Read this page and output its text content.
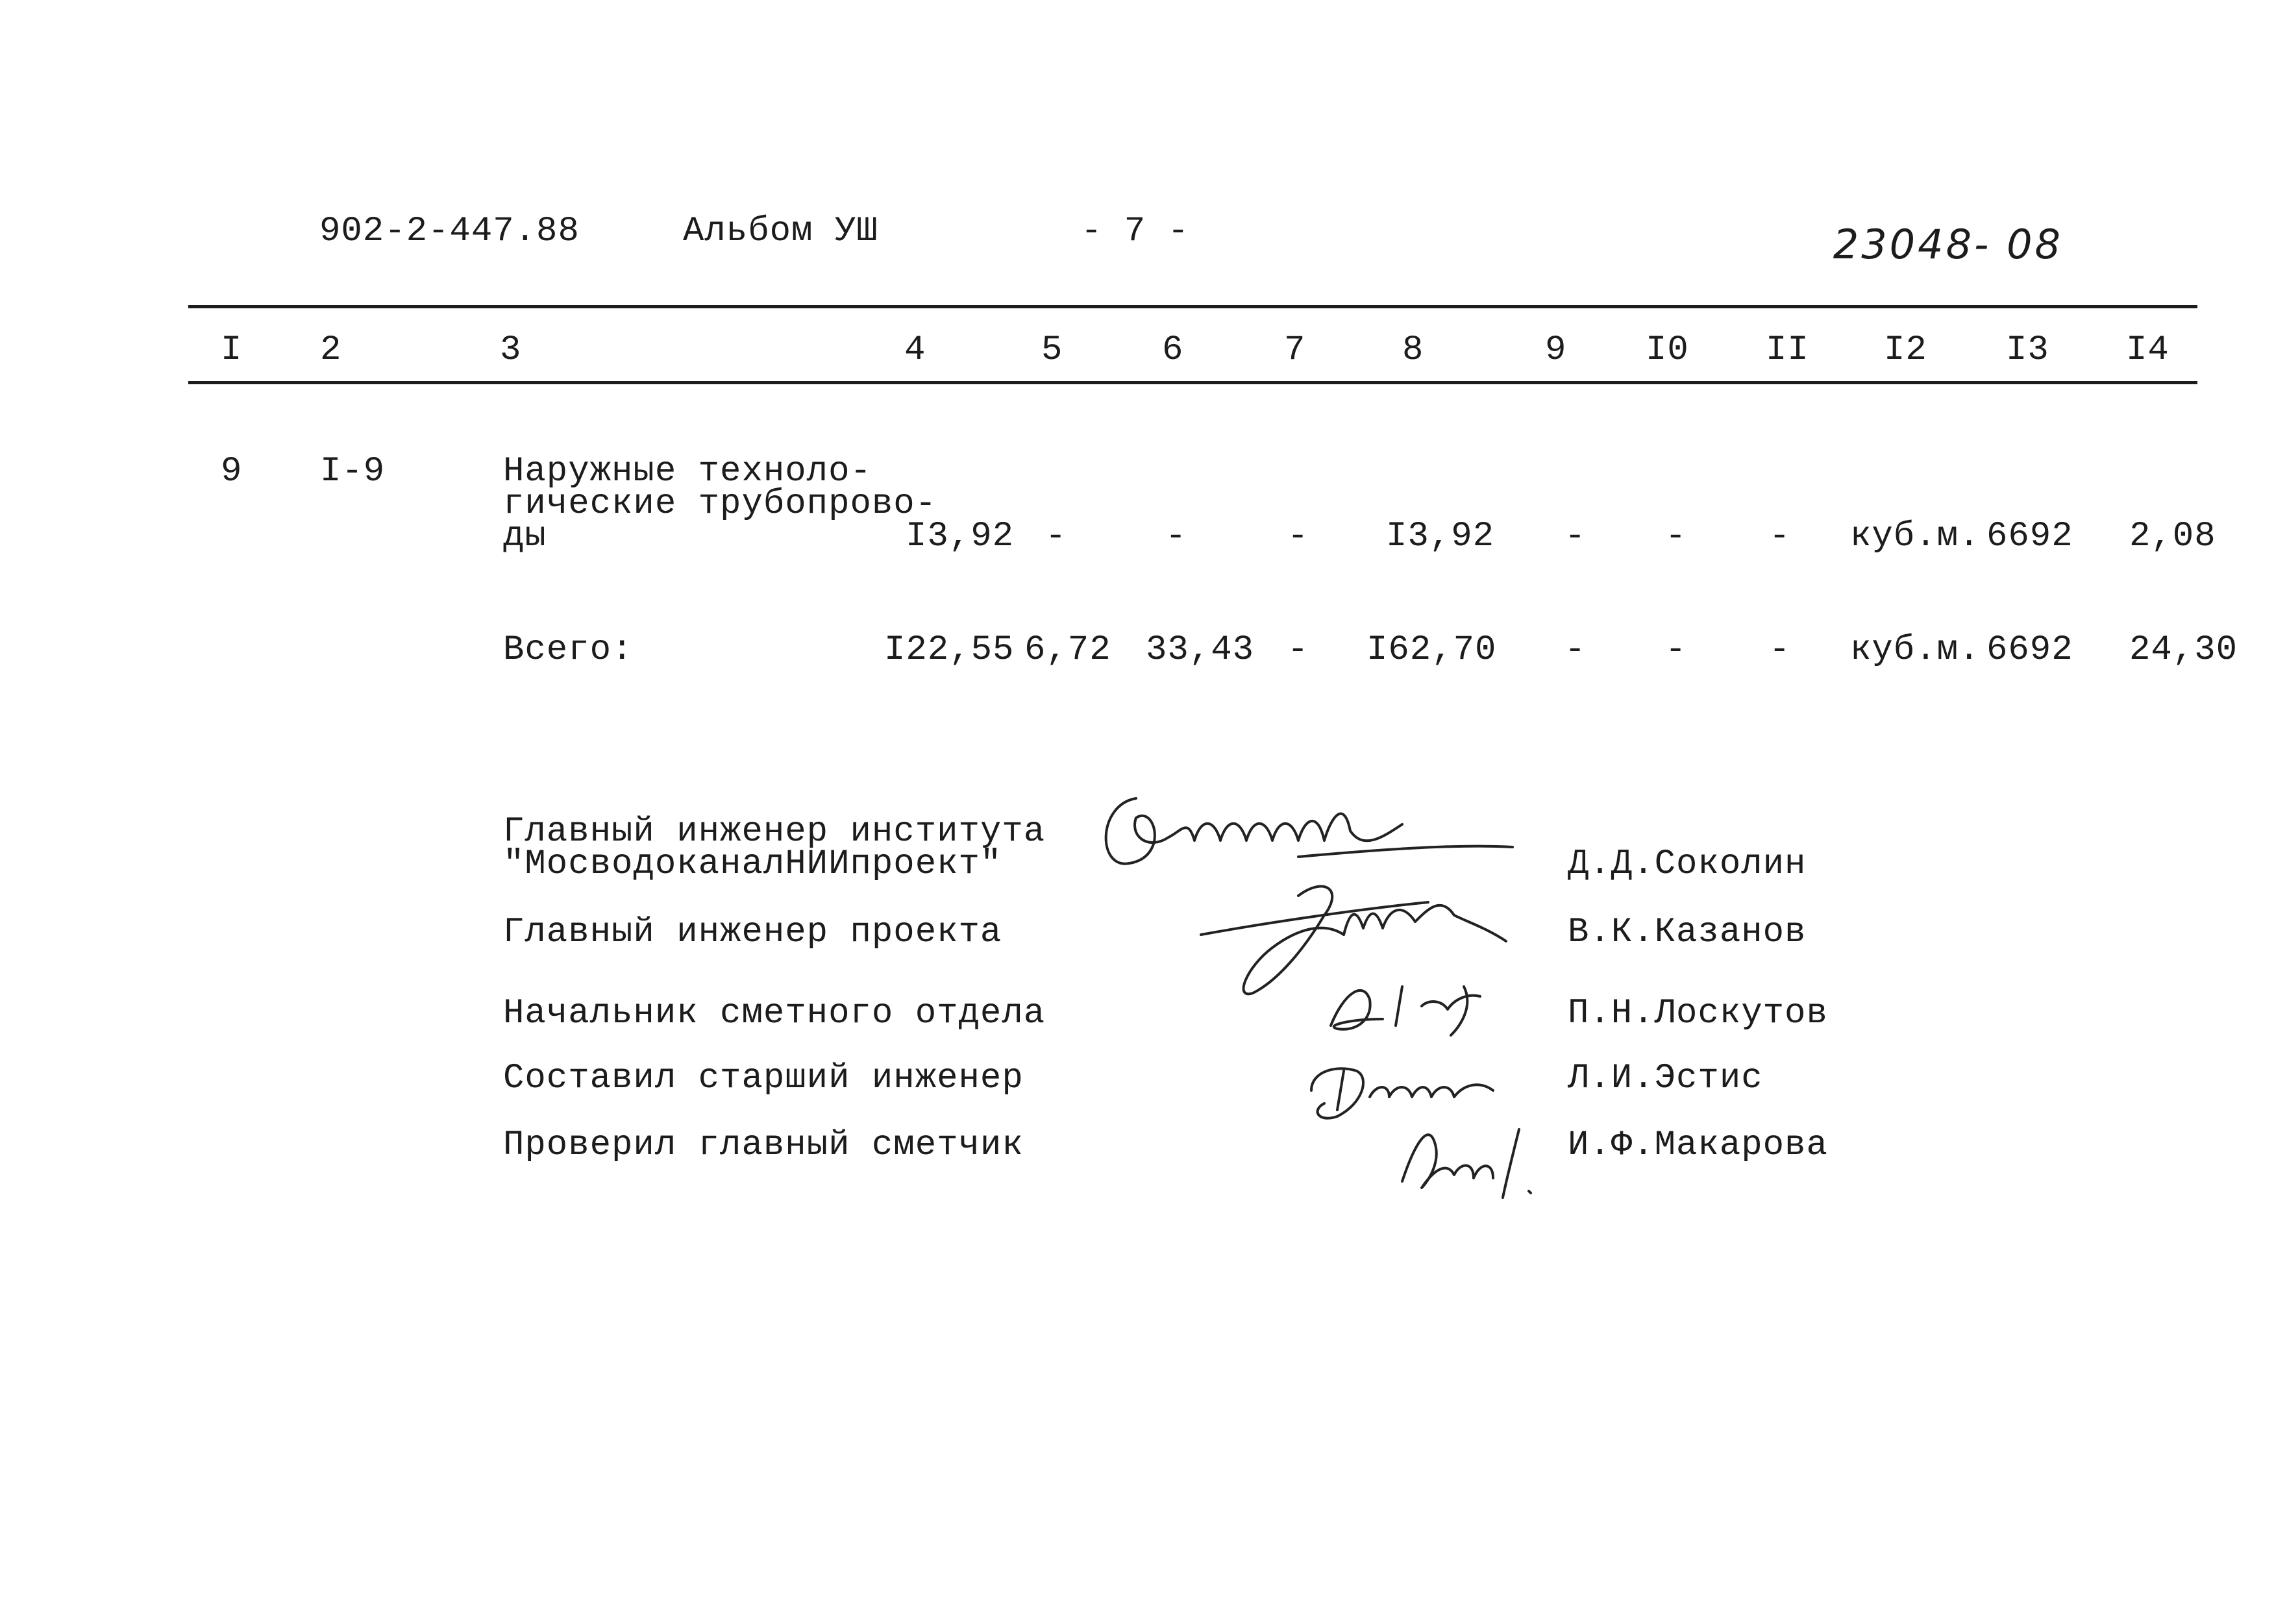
902-2-447.88	Альбом УШ	- 7 -	23048- 08
I 2	3	4	5	6	7	8	9 I0 II I2 I3 I4
9 I-9	Наружные техноло-
гические трубопрово-
ды	I3,92 -	-	- I3,92 - - - куб.м. 6692 2,08
Всего:	I22,55 6,72 33,43 - I62,70 - - - куб.м. 6692 24,30
Главный инженер института
"МосводоканалНИИпроект"	Д.Д.Соколин
Главный инженер проекта	В.К.Казанов
Начальник сметного отдела	П.Н.Лоскутов
Составил старший инженер	Л.И.Эстис
Проверил главный сметчик	И.Ф.Макарова
